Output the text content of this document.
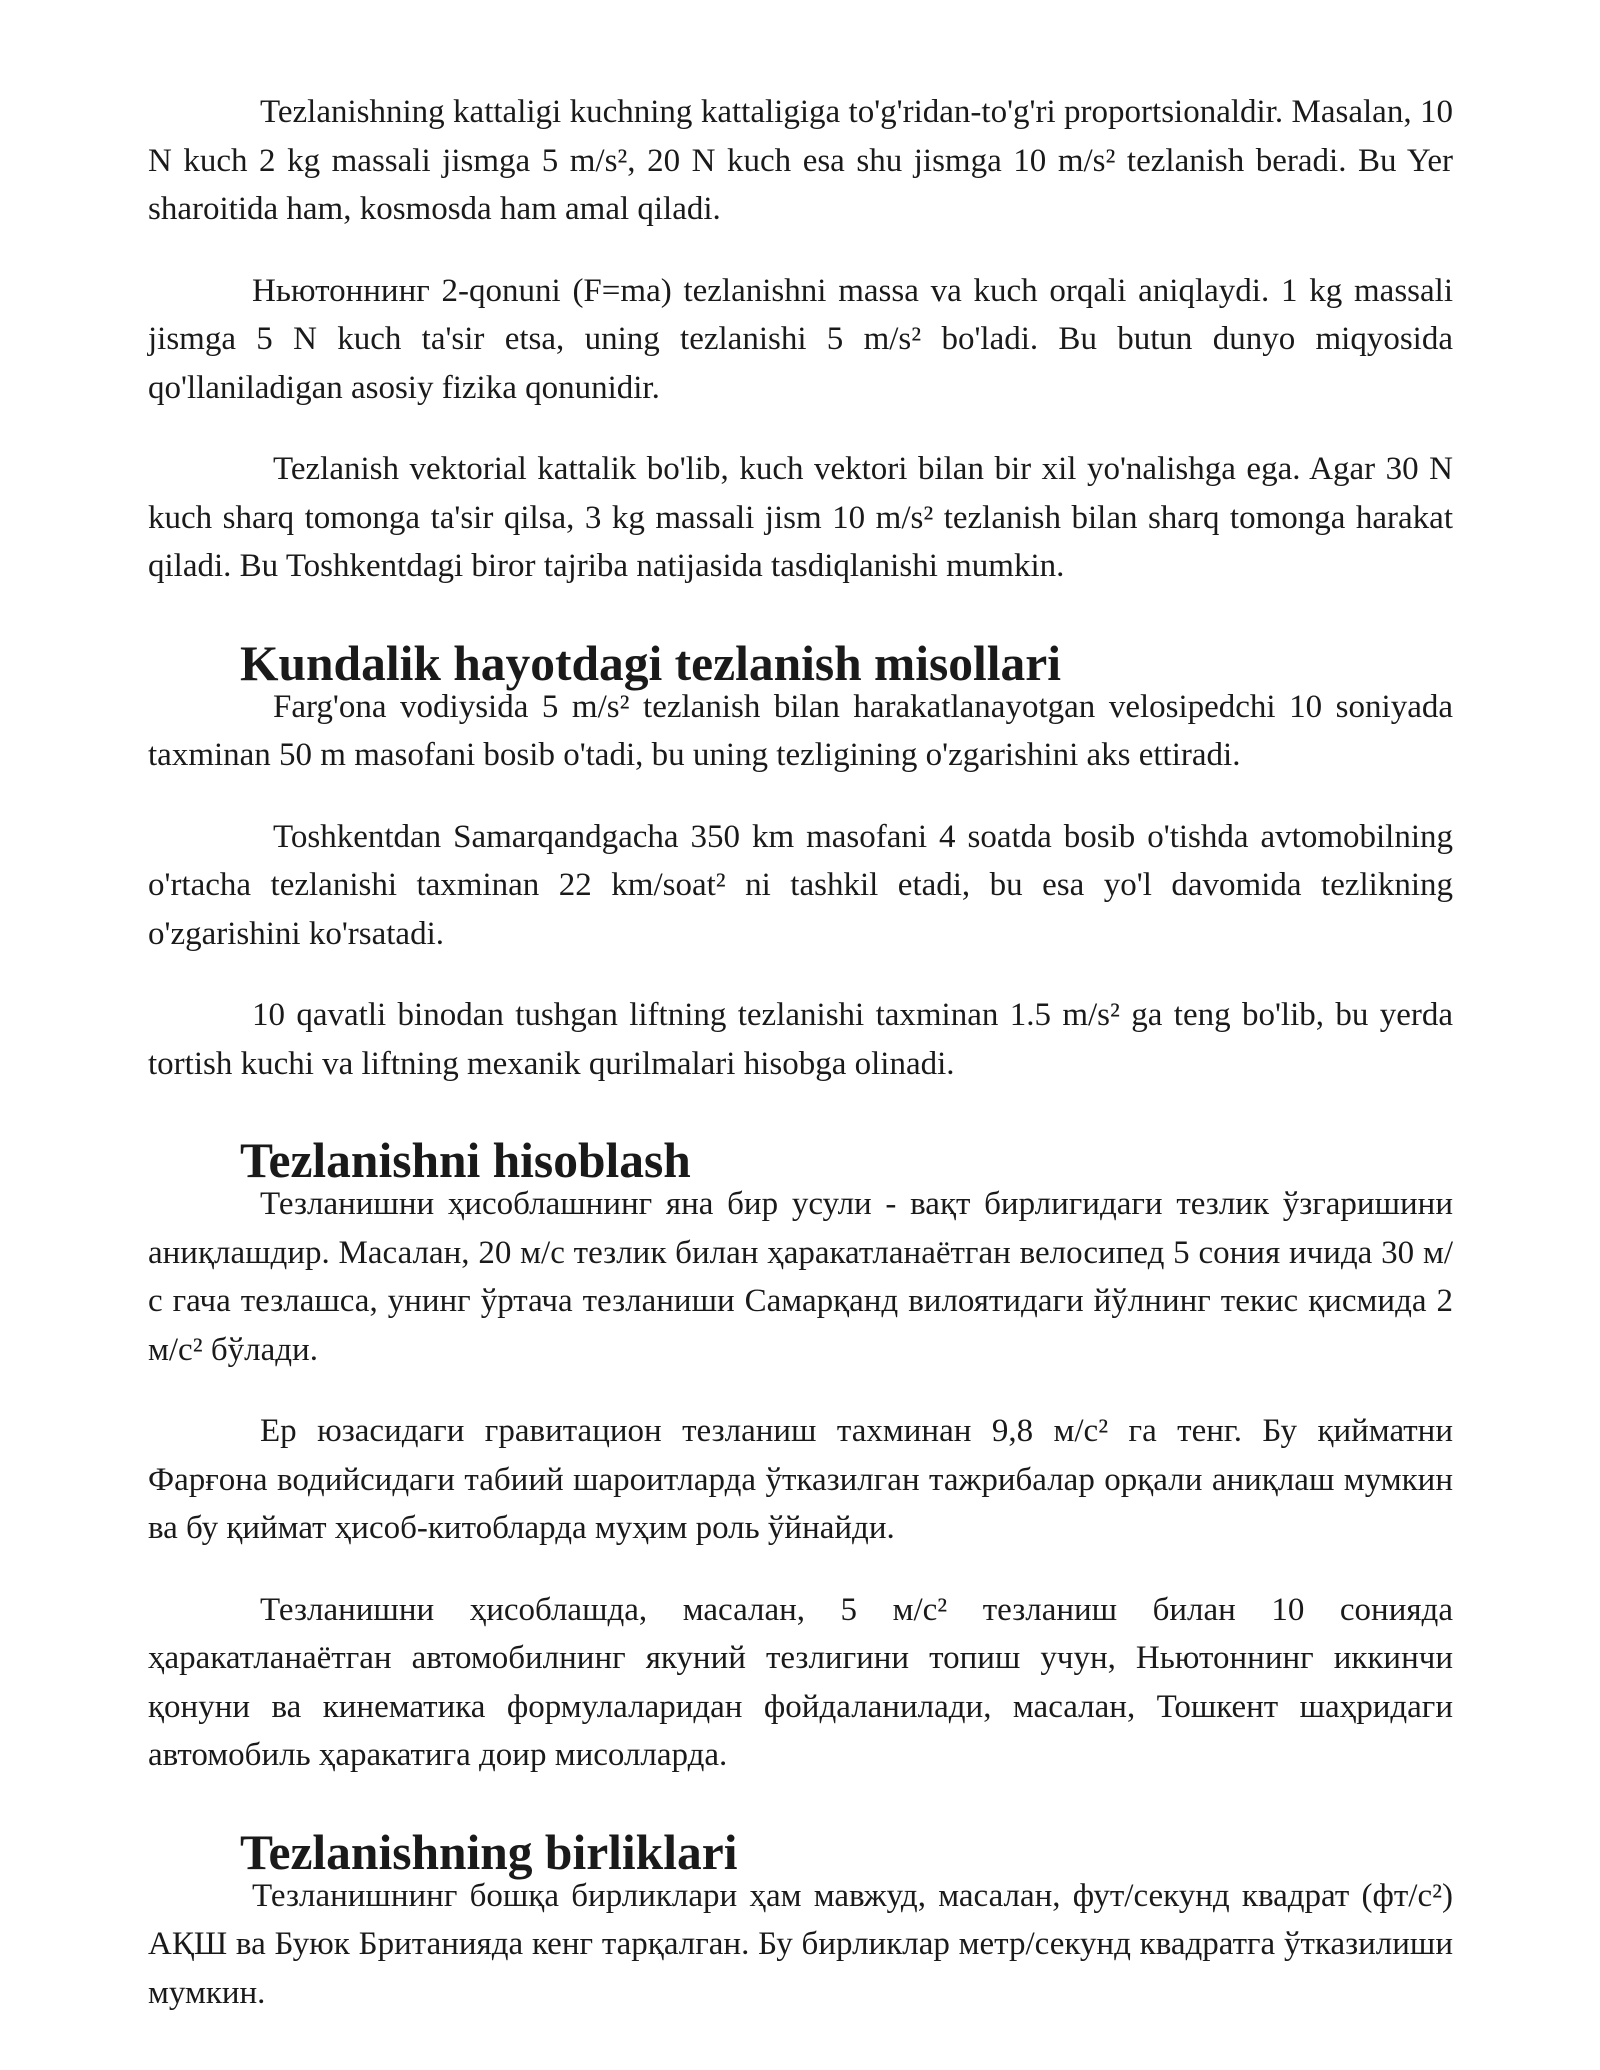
Tezlanishning kattaligi kuchning kattaligiga to'g'ridan-to'g'ri proportsionaldir. Masalan, 10 N kuch 2 kg massali jismga 5 m/s², 20 N kuch esa shu jismga 10 m/s² tezlanish beradi. Bu Yer sharoitida ham, kosmosda ham amal qiladi.

Ньютоннинг 2-qonuni (F=ma) tezlanishni massa va kuch orqali aniqlaydi. 1 kg massali jismga 5 N kuch ta'sir etsa, uning tezlanishi 5 m/s² bo'ladi. Bu butun dunyo miqyosida qo'llaniladigan asosiy fizika qonunidir.

Tezlanish vektorial kattalik bo'lib, kuch vektori bilan bir xil yo'nalishga ega. Agar 30 N kuch sharq tomonga ta'sir qilsa, 3 kg massali jism 10 m/s² tezlanish bilan sharq tomonga harakat qiladi. Bu Toshkentdagi biror tajriba natijasida tasdiqlanishi mumkin.

Kundalik hayotdagi tezlanish misollari

Farg'ona vodiysida 5 m/s² tezlanish bilan harakatlanayotgan velosipedchi 10 soniyada taxminan 50 m masofani bosib o'tadi, bu uning tezligining o'zgarishini aks ettiradi.

Toshkentdan Samarqandgacha 350 km masofani 4 soatda bosib o'tishda avtomobilning o'rtacha tezlanishi taxminan 22 km/soat² ni tashkil etadi, bu esa yo'l davomida tezlikning o'zgarishini ko'rsatadi.

10 qavatli binodan tushgan liftning tezlanishi taxminan 1.5 m/s² ga teng bo'lib, bu yerda tortish kuchi va liftning mexanik qurilmalari hisobga olinadi.

Tezlanishni hisoblash

Тезланишни ҳисоблашнинг яна бир усули - вақт бирлигидаги тезлик ўзгаришини аниқлашдир. Масалан, 20 м/с тезлик билан ҳаракатланаётган велосипед 5 сония ичида 30 м/с гача тезлашса, унинг ўртача тезланиши Самарқанд вилоятидаги йўлнинг текис қисмида 2 м/с² бўлади.

Ер юзасидаги гравитацион тезланиш тахминан 9,8 м/с² га тенг. Бу қийматни Фарғона водийсидаги табиий шароитларда ўтказилган тажрибалар орқали аниқлаш мумкин ва бу қиймат ҳисоб-китобларда муҳим роль ўйнайди.

Тезланишни ҳисоблашда, масалан, 5 м/с² тезланиш билан 10 сонияда ҳаракатланаётган автомобилнинг якуний тезлигини топиш учун, Ньютоннинг иккинчи қонуни ва кинематика формулаларидан фойдаланилади, масалан, Тошкент шаҳридаги автомобиль ҳаракатига доир мисолларда.

Tezlanishning birliklari

Тезланишнинг бошқа бирликлари ҳам мавжуд, масалан, фут/секунд квадрат (фт/с²) АҚШ ва Буюк Британияда кенг тарқалган. Бу бирликлар метр/секунд квадратга ўтказилиши мумкин.
